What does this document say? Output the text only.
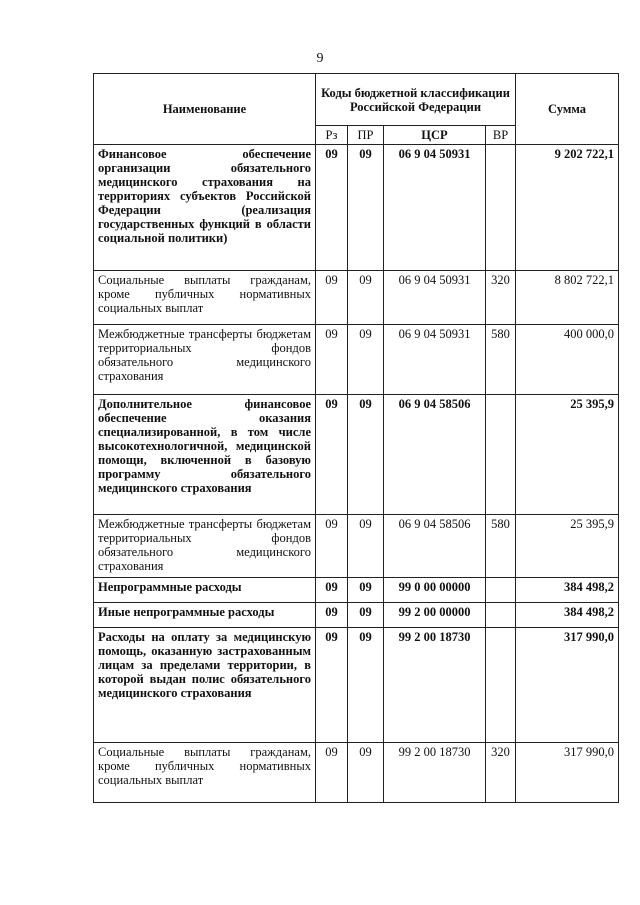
9
Наименование	Коды бюджетной классификации Российской Федерации				Сумма
	Рз	ПР	ЦСР	ВР	
Финансовое обеспечение организации обязательного медицинского страхования на территориях субъектов Российской Федерации (реализация государственных функций в области социальной политики)	09	09	06 9 04 50931		9 202 722,1
Социальные выплаты гражданам, кроме публичных нормативных социальных выплат	09	09	06 9 04 50931	320	8 802 722,1
Межбюджетные трансферты бюджетам территориальных фондов обязательного медицинского страхования	09	09	06 9 04 50931	580	400 000,0
Дополнительное финансовое обеспечение оказания специализированной, в том числе высокотехнологичной, медицинской помощи, включенной в базовую программу обязательного медицинского страхования	09	09	06 9 04 58506		25 395,9
Межбюджетные трансферты бюджетам территориальных фондов обязательного медицинского страхования	09	09	06 9 04 58506	580	25 395,9
Непрограммные расходы	09	09	99 0 00 00000		384 498,2
Иные непрограммные расходы	09	09	99 2 00 00000		384 498,2
Расходы на оплату за медицинскую помощь, оказанную застрахованным лицам за пределами территории, в которой выдан полис обязательного медицинского страхования	09	09	99 2 00 18730		317 990,0
Социальные выплаты гражданам, кроме публичных нормативных социальных выплат	09	09	99 2 00 18730	320	317 990,0
